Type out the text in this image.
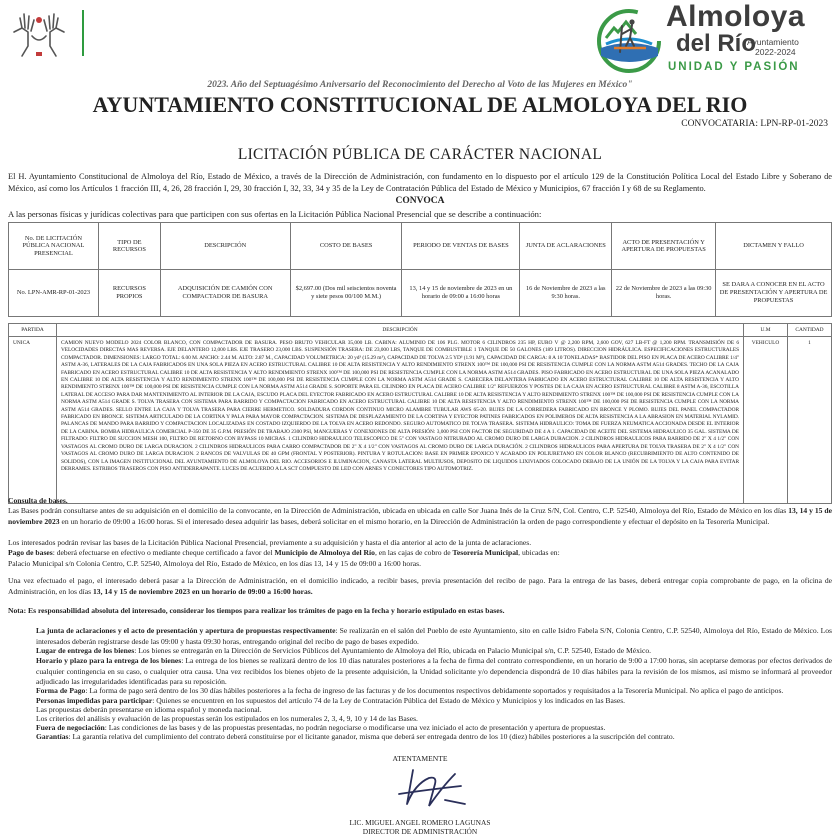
Almoloya
del Río
Ayuntamiento
2022-2024
UNIDAD Y PASIÓN
2023. Año del Septuagésimo Aniversario del Reconocimiento del Derecho al Voto de las Mujeres en México"
AYUNTAMIENTO CONSTITUCIONAL DE ALMOLOYA DEL RIO
CONVOCATARIA: LPN-RP-01-2023
LICITACIÓN PÚBLICA DE CARÁCTER NACIONAL
El H. Ayuntamiento Constitucional de Almoloya del Río, Estado de México, a través de la Dirección de Administración, con fundamento en lo dispuesto por el artículo 129 de la Constitución Política Local del Estado Libre y Soberano de México, así como los Artículos 1 fracción III, 4, 26, 28 fracción I, 29, 30 fracción I, 32, 33, 34 y 35 de la Ley de Contratación Pública del Estado de México y Municipios, 67 fracción I y 68 de su Reglamento.
CONVOCA
A las personas físicas y jurídicas colectivas para que participen con sus ofertas en la Licitación Pública Nacional Presencial que se describe a continuación:
No. DE LICITACIÓN PÚBLICA NACIONAL PRESENCIAL	TIPO DE RECURSOS	DESCRIPCIÓN	COSTO DE BASES	PERIODO DE VENTAS DE BASES	JUNTA DE ACLARACIONES	ACTO DE PRESENTACIÓN Y APERTURA DE PROPUESTAS	DICTAMEN Y FALLO
No. LPN-AMR-RP-01-2023	RECURSOS PROPIOS	ADQUISICIÓN DE CAMIÓN CON COMPACTADOR DE BASURA	$2,697.00 (Dos mil seiscientos noventa y siete pesos 00/100 M.M.)	13, 14 y 15 de noviembre de 2023 en un horario de 09:00 a 16:00 horas	16 de Noviembre de 2023 a las 9:30 horas.	22 de Noviembre de 2023 a las 09:30 horas.	SE DARA A CONOCER EN EL ACTO DE PRESENTACIÓN Y APERTURA DE PROPUESTAS
PARTIDA	DESCRIPCIÓN	U.M	CANTIDAD
UNICA	CAMION NUEVO MODELO 2024 COLOR BLANCO, CON COMPACTADOR DE BASURA. PESO BRUTO VEHICULAR 35,000 LB. CABINA: ALUMINIO DE 106 PLG. MOTOR 6 CILINDROS 235 HP, EURO V @ 2,200 RPM, 2,600 GOV, 627 LB-FT @ 1,200 RPM. TRANSMISIÓN DE 6 VELOCIDADES DIRECTAS MAS REVERSA. EJE DELANTERO 12,000 LBS. EJE TRASERO 23,000 LBS. SUSPENSIÓN TRASERA: DE 23,000 LBS, TANQUE DE COMBUSTIBLE 1 TANQUE DE 50 GALONES (189 LITROS). DIRECCION HIDRÁULICA. ESPECIFICACIONES ESTRUCTURALES COMPACTADOR. DIMENSIONES: LARGO TOTAL: 6.00 M. ANCHO: 2.44 M. ALTO: 2.87 M., CAPACIDAD VOLUMETRICA: 20 yd³ (15.29 m³), CAPACIDAD DE TOLVA 2.5 YD³ (1.91 M³), CAPACIDAD DE CARGA: 8 A 10 TONELADAS* BASTIDOR DEL PISO EN PLACA DE ACERO CALIBRE 1/4" ASTM A-36, LATERALES DE LA CAJA FABRICADOS EN UNA SOLA PIEZA EN ACERO ESTRUCTURAL CALIBRE 10 DE ALTA RESISTENCIA Y ALTO RENDIMIENTO STRENX 100™ DE 100,000 PSI DE RESISTENCIA CUMPLE CON LA NORMA ASTM A514 GRADES. TECHO DE LA CAJA FABRICADO EN ACERO ESTRUCTURAL CALIBRE 10 DE ALTA RESISTENCIA Y ALTO RENDIMIENTO STRENX 100™ DE 100,000 PSI DE RESISTENCIA CUMPLE CON LA NORMA ASTM A514 GRADES. PISO FABRICADO EN ACERO ESTRUCTURAL DE UNA SOLA PIEZA ACANALADO EN CALIBRE 10 DE ALTA RESISTENCIA Y ALTO RENDIMIENTO STRENX 100™ DE 100,000 PSI DE RESISTENCIA CUMPLE CON LA NORMA ASTM A514 GRADE S. CABECERA DELANTERA FABRICADO EN ACERO ESTRUCTURAL CALIBRE 10 DE ALTA RESISTENCIA Y ALTO RENDIMIENTO STRENX 100™ DE 100,000 PSI DE RESISTENCIA CUMPLE CON LA NORMA ASTM A514 GRADE S. SOPORTE PARA EL CILINDRO EN PLACA DE ACERO CALIBRE 1/2" REFUERZOS Y POSTES DE LA CAJA EN ACERO ESTRUCTURAL CALIBRE 8 ASTM A-36, ESCOTILLA LATERAL DE ACCESO PARA DAR MANTENIMIENTO AL INTERIOR DE LA CAJA, ESCUDO PLACA DEL EYECTOR FABRICADO EN ACERO ESTRUCTURAL CALIBRE 10 DE ALTA RESISTENCIA Y ALTO RENDIMIENTO STRENX 100™ DE 100,000 PSI DE RESISTENCIA CUMPLE CON LA NORMA ASTM A514 GRADE S. TOLVA TRASERA CON SISTEMA PARA BARRIDO Y COMPACTACION FABRICADO EN ACERO ESTRUCTURAL CALIBRE 10 DE ALTA RESISTENCIA Y ALTO RENDIMIENTO STRENX 100™ DE 100,000 PSI DE RESISTENCIA CUMPLE CON LA NORMA ASTM A514 GRADES. SELLO ENTRE LA CAJA Y TOLVA TRASERA PARA CIERRE HERMETICO. SOLDADURA CORDON CONTINUO MICRO ALAMBRE TUBULAR AWS 65-20. BUJES DE LA CORREDERA FABRICADO EN BRONCE Y PLOMO. BUJES DEL PANEL COMPACTADOR FABRICADO EN BRONCE. SISTEMA ARTICULADO DE LA CORTINA Y PALA PARA MAYOR COMPACTACION. SISTEMA DE DESPLAZAMIENTO DE LA CORTINA Y EYECTOR PATINES FABRICADOS EN POLIMEROS DE ALTA RESISTENCIA A LA ABRASION EN MATERIAL NYLAMID. PALANCAS DE MANDO PARA BARRIDO Y COMPACTACION LOCALIZADAS EN COSTADO IZQUIERDO DE LA TOLVA EN ACERO REDONDO. SEGURO AUTOMATICO DE TOLVA TRASERA. SISTEMA HIDRAULICO: TOMA DE FUERZA NEUMATICA ACCIONADA DESDE EL INTERIOR DE LA CABINA. BOMBA HIDRAULICA COMERCIAL P-350 DE 35 G.P.M. PRESIÓN DE TRABAJO 2300 PSI, MANGUERAS Y CONEXIONES DE ALTA PRESIÓN: 3,000 PSI CON FACTOR DE SEGURIDAD DE 4 A 1. CAPACIDAD DE ACEITE DEL SISTEMA HIDRAULICO 35 GAL. SISTEMA DE FILTRADO: FILTRO DE SUCCION MESH 100, FILTRO DE RETORNO CON BYPASS 10 MICRAS. 1 CILINDRO HIDRAULICO TELESCOPICO DE 5" CON VASTAGO NITRURADO AL CROMO DURO DE LARGA DURACION. 2 CILINDROS HIDRAULICOS PARA BARRIDO DE 2" X 4 1/2" CON VASTAGOS AL CROMO DURO DE LARGA DURACION. 2 CILINDROS HIDRAULICOS PARA CARRO COMPACTADOR DE 2" X 4 1/2" CON VASTAGOS AL CROMO DURO DE LARGA DURACIÓN. 2 CILINDROS HIDRAULICOS PARA APERTURA DE TOLVA TRASERA DE 2" X 4 1/2" CON VASTAGOS AL CROMO DURO DE LARGA DURACION. 2 BANCOS DE VALVULAS DE 40 GPM (FRONTAL Y POSTERIOR). PINTURA Y ROTULACION: BASE EN PRIMER EPOXICO Y ACABADO EN POLIURETANO EN COLOR BLANCO (RECUBRIMIENTO DE ALTO CONTENIDO DE SOLIDOS), CON LA IMAGEN INSTITUCIONAL DEL AYUNTAMIENTO DE ALMOLOYA DEL RIO. ACCESORIOS E ILUMINACION, CANASTA LATERAL MULTIUSOS, DEPOSITO DE LIQUIDOS LIXIVIADOS COLOCADO DEBAJO DE LA UNIÓN DE LA TOLVA Y LA CAJA PARA EVITAR DERRAMES. ESTRIBOS TRASEROS CON PISO ANTIDERRAPANTE. LUCES DE ACUERDO A LA SCT COMPUESTO DE LED CON ARNES Y CONECTORES TIPO AUTOMOTRIZ.	VEHICULO	1
Consulta de bases.
Las Bases podrán consultarse antes de su adquisición en el domicilio de la convocante, en la Dirección de Administración, ubicada en ubicada en calle Sor Juana Inés de la Cruz S/N, Col. Centro, C.P. 52540, Almoloya del Río, Estado de México en los días 13, 14 y 15 de noviembre 2023 en un horario de 09:00 a 16:00 horas. Si el interesado desea adquirir las bases, deberá solicitar en el mismo horario, en la Dirección de Administración la orden de pago correspondiente y efectuar el depósito en la Tesorería Municipal.
Los interesados podrán revisar las bases de la Licitación Pública Nacional Presencial, previamente a su adquisición y hasta el día anterior al acto de la junta de aclaraciones.
Pago de bases: deberá efectuarse en efectivo o mediante cheque certificado a favor del Municipio de Almoloya del Río, en las cajas de cobro de Tesorería Municipal, ubicadas en:
Palacio Municipal s/n Colonia Centro, C.P. 52540, Almoloya del Río, Estado de México, en los días 13, 14 y 15 de 09:00 a 16:00 horas.
Una vez efectuado el pago, el interesado deberá pasar a la Dirección de Administración, en el domicilio indicado, a recibir bases, previa presentación del recibo de pago. Para la entrega de las bases, deberá entregar copia comprobante de pago, en la oficina de Administración, en los días 13, 14 y 15 de noviembre 2023 en un horario de 09:00 a 16:00 horas.
Nota: Es responsabilidad absoluta del interesado, considerar los tiempos para realizar los trámites de pago en la fecha y horario estipulado en estas bases.
La junta de aclaraciones y el acto de presentación y apertura de propuestas respectivamente: Se realizarán en el salón del Pueblo de este Ayuntamiento, sito en calle Isidro Fabela S/N, Colonia Centro, C.P. 52540, Almoloya del Río, Estado de México. Los interesados deberán registrarse desde las 09:00 y hasta 09:30 horas, entregando original del recibo de pago de bases expedido.
Lugar de entrega de los bienes: Los bienes se entregarán en la Dirección de Servicios Públicos del Ayuntamiento de Almoloya del Río, ubicada en Palacio Municipal s/n, C.P. 52540, Estado de México.
Horario y plazo para la entrega de los bienes: La entrega de los bienes se realizará dentro de los 10 días naturales posteriores a la fecha de firma del contrato correspondiente, en un horario de 9:00 a 17:00 horas, sin aceptarse demoras por efectos derivados de cualquier contingencia en su caso, o cualquier otra causa. Una vez recibidos los bienes objeto de la presente adquisición, la Unidad solicitante y/o dependencia dispondrá de 10 días hábiles para la revisión de los mismos, así mismo se informará al proveedor adjudicado las irregularidades identificadas para su reposición.
Forma de Pago: La forma de pago será dentro de los 30 días hábiles posteriores a la fecha de ingreso de las facturas y de los documentos respectivos debidamente soportados y requisitados a la Tesorería Municipal. No aplica el pago de anticipos.
Personas impedidas para participar: Quienes se encuentren en los supuestos del artículo 74 de la Ley de Contratación Pública del Estado de México y Municipios y los indicados en las Bases.
Las propuestas deberán presentarse en idioma español y moneda nacional.
Los criterios del análisis y evaluación de las propuestas serán los estipulados en los numerales 2, 3, 4, 9, 10 y 14 de las Bases.
Fuera de negociación: Las condiciones de las bases y de las propuestas presentadas, no podrán negociarse o modificarse una vez iniciado el acto de presentación y apertura de propuestas.
Garantías: La garantía relativa del cumplimiento del contrato deberá constituirse por el licitante ganador, misma que deberá ser entregada dentro de los 10 (diez) hábiles posteriores a la suscripción del contrato.
ATENTAMENTE
LIC. MIGUEL ANGEL ROMERO LAGUNAS
DIRECTOR DE ADMINISTRACIÓN
